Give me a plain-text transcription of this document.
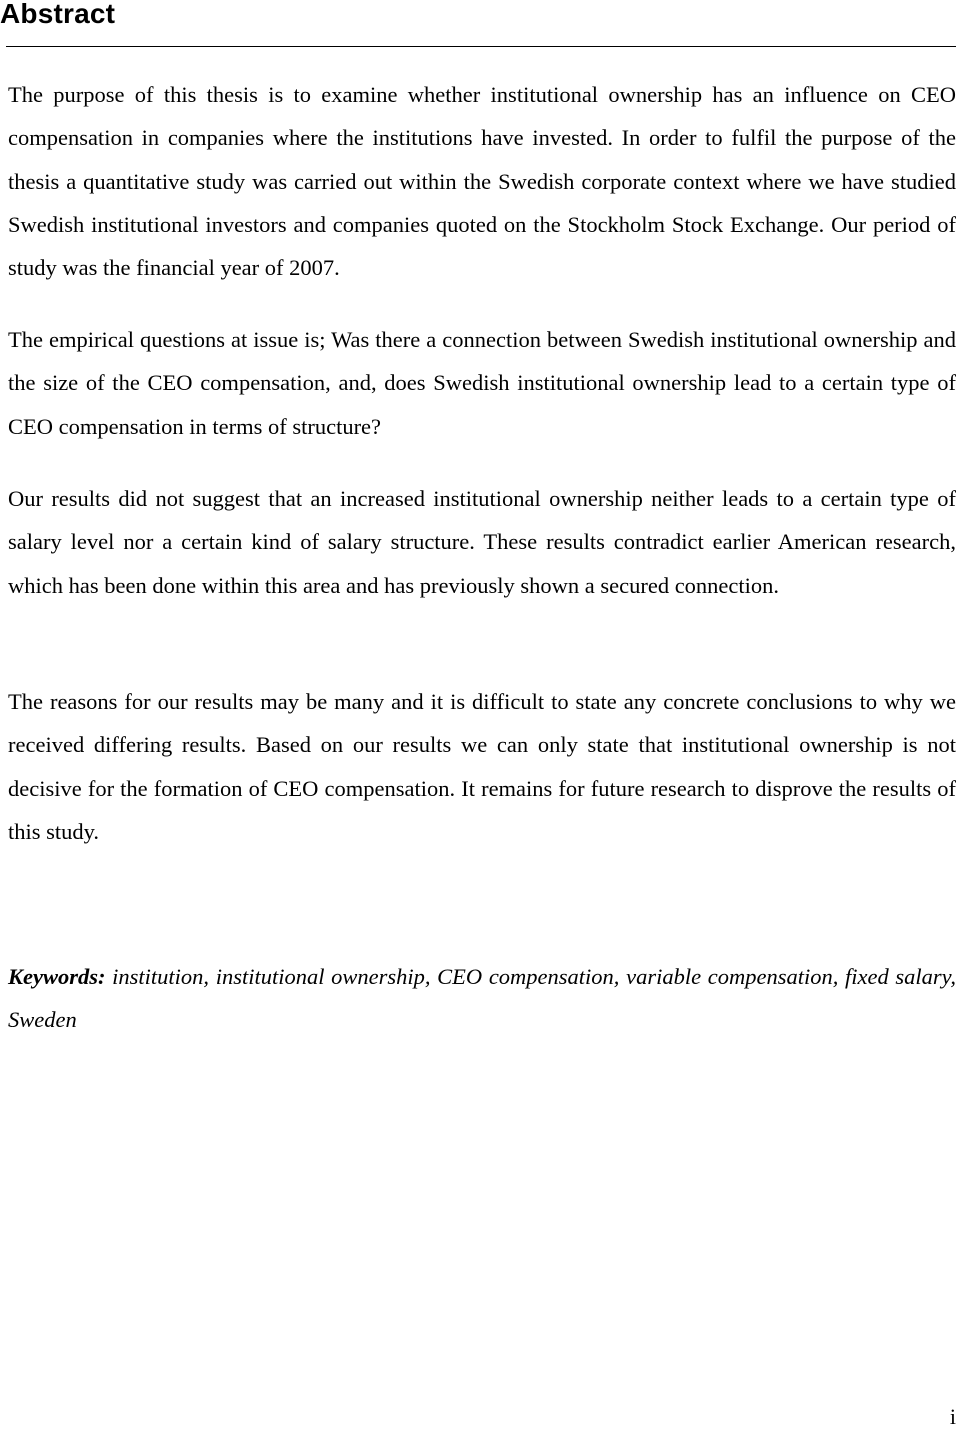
Abstract

The purpose of this thesis is to examine whether institutional ownership has an influence on CEO compensation in companies where the institutions have invested. In order to fulfil the purpose of the thesis a quantitative study was carried out within the Swedish corporate context where we have studied Swedish institutional investors and companies quoted on the Stockholm Stock Exchange. Our period of study was the financial year of 2007.

The empirical questions at issue is; Was there a connection between Swedish institutional ownership and the size of the CEO compensation, and, does Swedish institutional ownership lead to a certain type of CEO compensation in terms of structure?

Our results did not suggest that an increased institutional ownership neither leads to a certain type of salary level nor a certain kind of salary structure. These results contradict earlier American research, which has been done within this area and has previously shown a secured connection.

The reasons for our results may be many and it is difficult to state any concrete conclusions to why we received differing results. Based on our results we can only state that institutional ownership is not decisive for the formation of CEO compensation. It remains for future research to disprove the results of this study.

Keywords: institution, institutional ownership, CEO compensation, variable compensation, fixed salary, Sweden

i
